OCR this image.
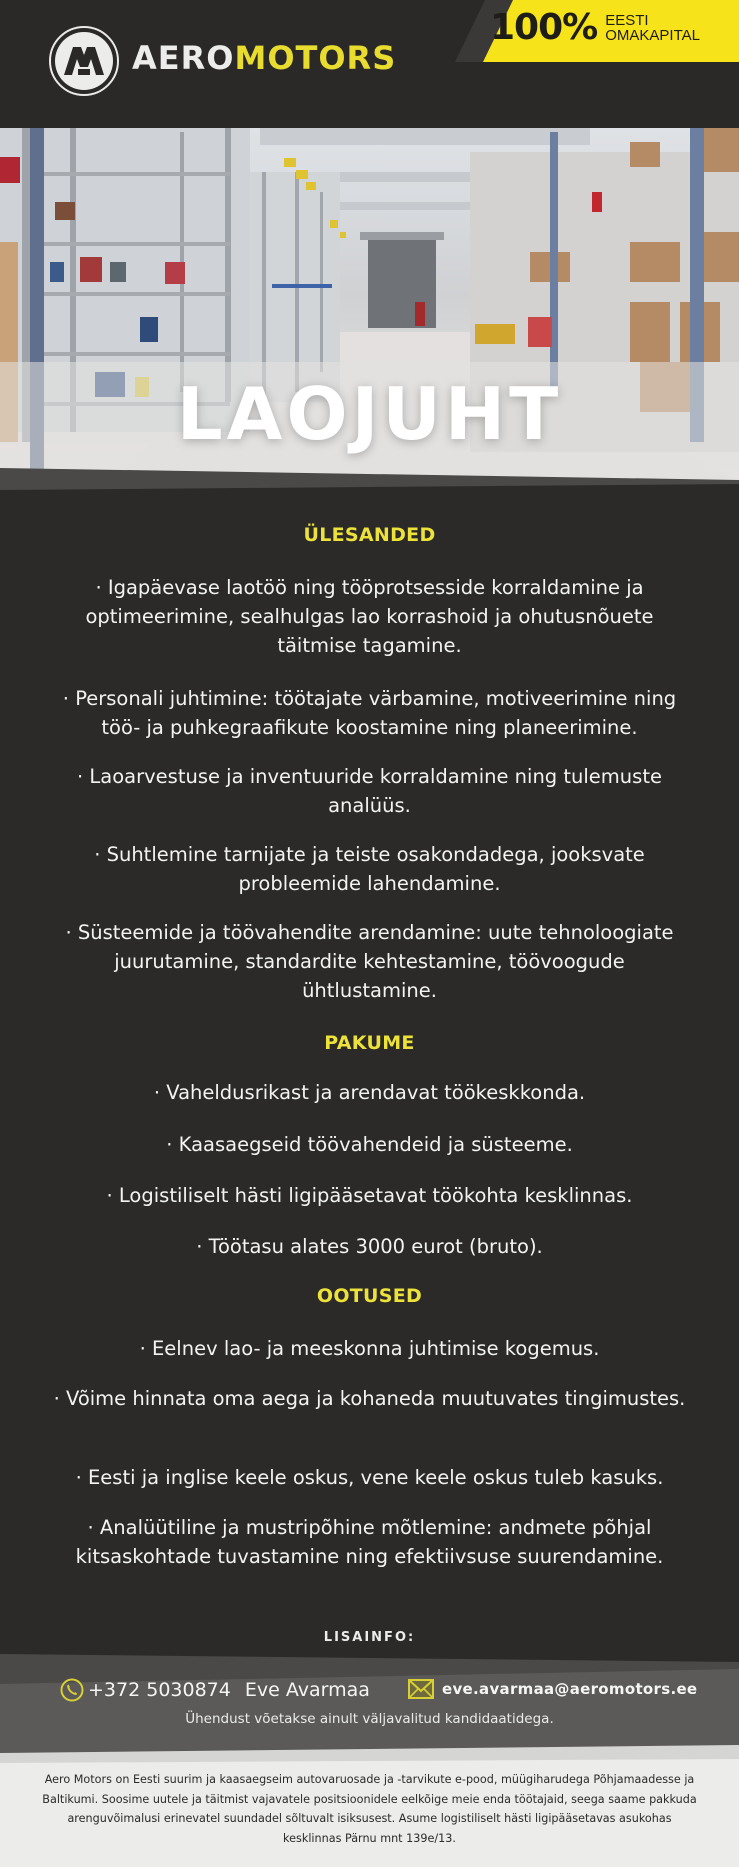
AEROMOTORS
100% EESTI
OMAKAPITAL
LAOJUHT
ÜLESANDED
· Igapäevase laotöö ning tööprotsesside korraldamine ja optimeerimine, sealhulgas lao korrashoid ja ohutusnõuete täitmise tagamine.
· Personali juhtimine: töötajate värbamine, motiveerimine ning töö- ja puhkegraafikute koostamine ning planeerimine.
· Laoarvestuse ja inventuuride korraldamine ning tulemuste analüüs.
· Suhtlemine tarnijate ja teiste osakondadega, jooksvate probleemide lahendamine.
· Süsteemide ja töövahendite arendamine: uute tehnoloogiate juurutamine, standardite kehtestamine, töövoogude ühtlustamine.
PAKUME
· Vaheldusrikast ja arendavat töökeskkonda.
· Kaasaegseid töövahendeid ja süsteeme.
· Logistiliselt hästi ligipääsetavat töökohta kesklinnas.
· Töötasu alates 3000 eurot (bruto).
OOTUSED
· Eelnev lao- ja meeskonna juhtimise kogemus.
· Võime hinnata oma aega ja kohaneda muutuvates tingimustes.
· Eesti ja inglise keele oskus, vene keele oskus tuleb kasuks.
· Analüütiline ja mustripõhine mõtlemine: andmete põhjal kitsaskohtade tuvastamine ning efektiivsuse suurendamine.
LISAINFO:
+372 5030874 Eve Avarmaa	eve.avarmaa@aeromotors.ee
Ühendust võetakse ainult väljavalitud kandidaatidega.
Aero Motors on Eesti suurim ja kaasaegseim autovaruosade ja -tarvikute e-pood, müügiharudega Põhjamaadesse ja Baltikumi. Soosime uutele ja täitmist vajavatele positsioonidele eelkõige meie enda töötajaid, seega saame pakkuda arenguvõimalusi erinevatel suundadel sõltuvalt isiksusest. Asume logistiliselt hästi ligipääsetavas asukohas kesklinnas Pärnu mnt 139e/13.
